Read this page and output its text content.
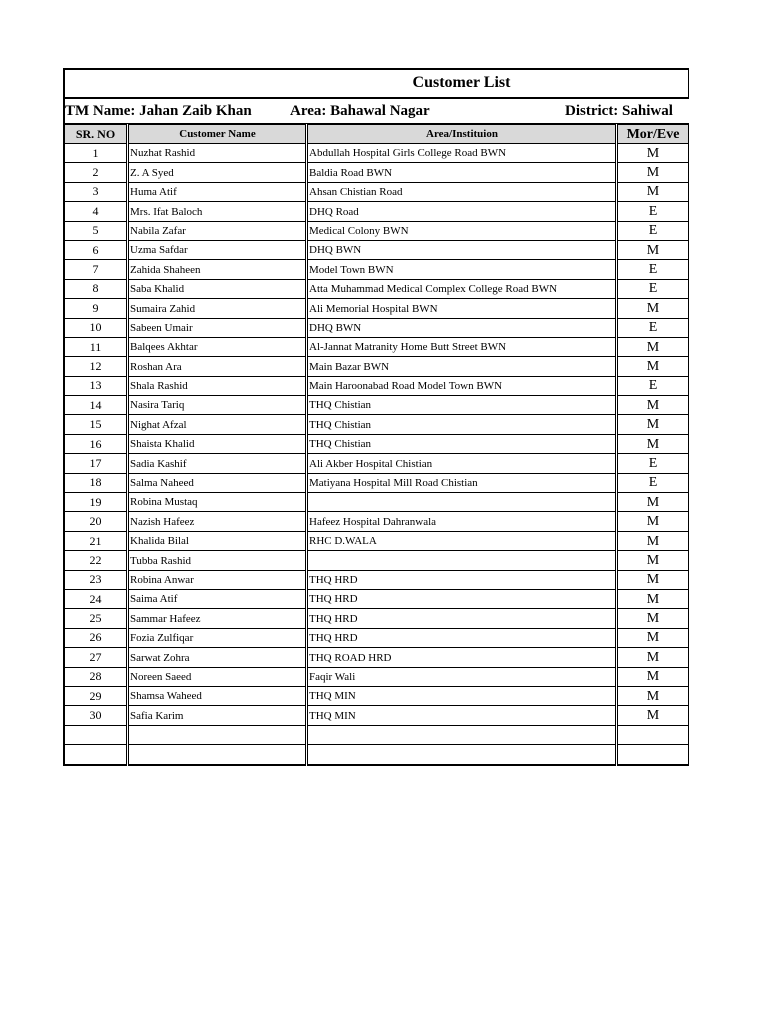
Customer List
TM Name: Jahan Zaib Khan	Area: Bahawal Nagar	District: Sahiwal
SR. NO	Customer Name	Area/Instituion	Mor/Eve
1	Nuzhat Rashid	Abdullah Hospital Girls College Road BWN	M
2	Z. A Syed	Baldia Road BWN	M
3	Huma Atif	Ahsan Chistian Road	M
4	Mrs. Ifat Baloch	DHQ Road	E
5	Nabila Zafar	Medical Colony BWN	E
6	Uzma Safdar	DHQ BWN	M
7	Zahida Shaheen	Model Town BWN	E
8	Saba Khalid	Atta Muhammad Medical Complex College Road BWN	E
9	Sumaira Zahid	Ali Memorial Hospital BWN	M
10	Sabeen Umair	DHQ BWN	E
11	Balqees Akhtar	Al-Jannat Matranity Home Butt Street BWN	M
12	Roshan Ara	Main Bazar BWN	M
13	Shala Rashid	Main Haroonabad Road Model Town BWN	E
14	Nasira Tariq	THQ Chistian	M
15	Nighat Afzal	THQ Chistian	M
16	Shaista Khalid	THQ Chistian	M
17	Sadia Kashif	Ali Akber Hospital Chistian	E
18	Salma Naheed	Matiyana Hospital Mill Road Chistian	E
19	Robina Mustaq		M
20	Nazish Hafeez	Hafeez Hospital Dahranwala	M
21	Khalida Bilal	RHC D.WALA	M
22	Tubba Rashid		M
23	Robina Anwar	THQ HRD	M
24	Saima Atif	THQ HRD	M
25	Sammar Hafeez	THQ HRD	M
26	Fozia Zulfiqar	THQ HRD	M
27	Sarwat Zohra	THQ ROAD HRD	M
28	Noreen Saeed	Faqir Wali	M
29	Shamsa Waheed	THQ MIN	M
30	Safia Karim	THQ MIN	M
